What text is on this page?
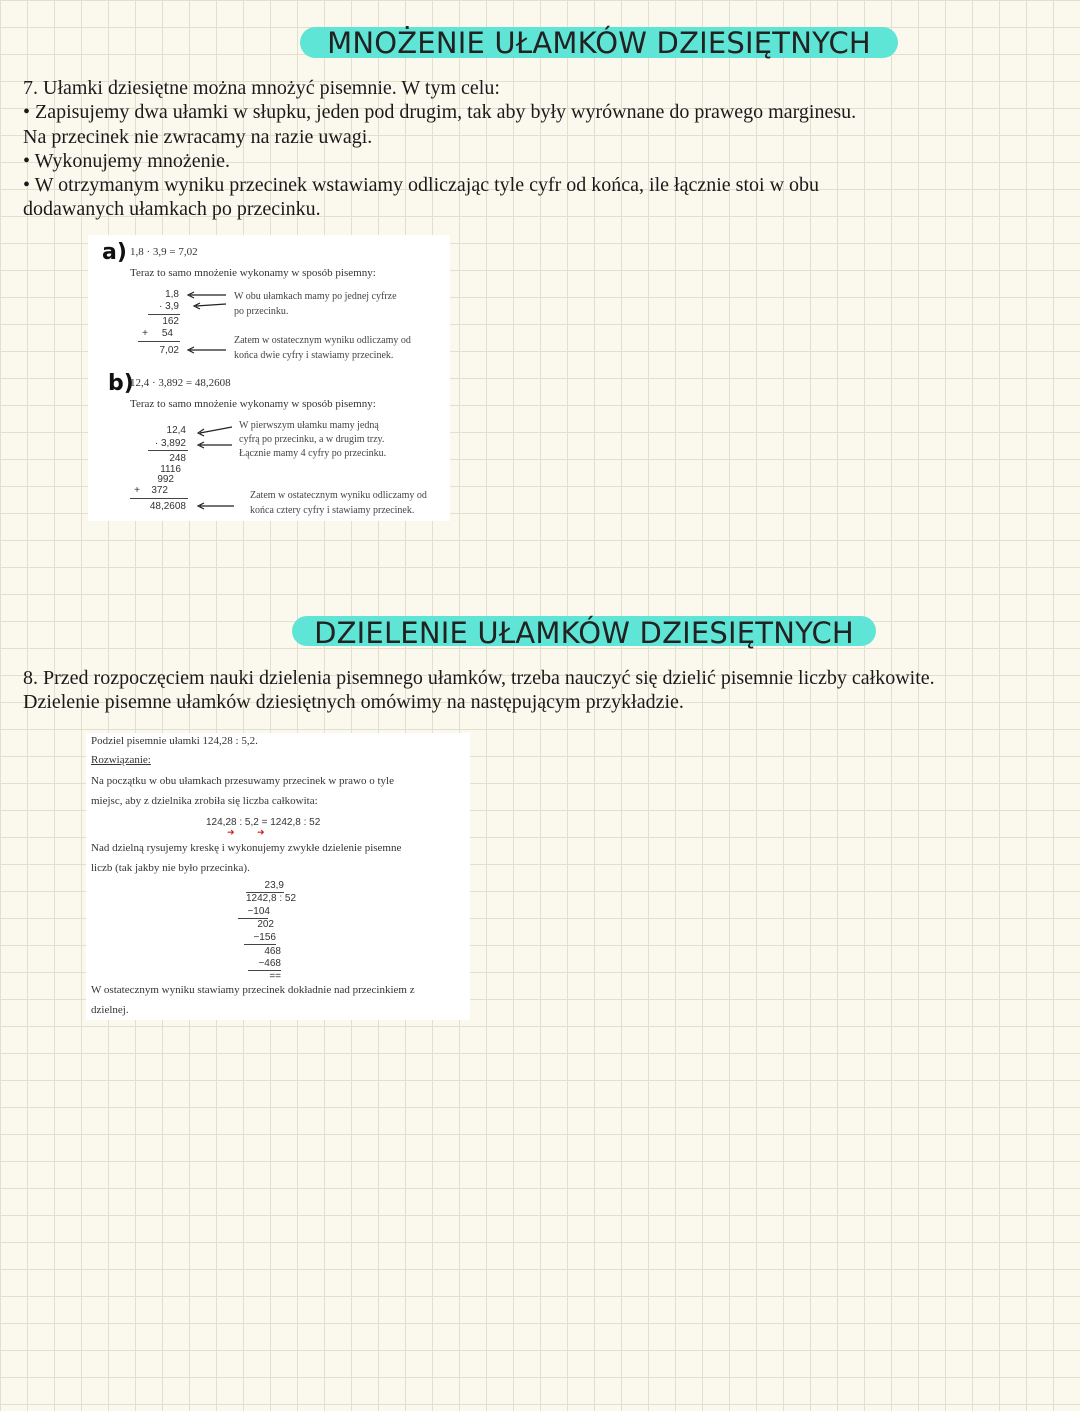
MNOŻENIE UŁAMKÓW DZIESIĘTNYCH
7. Ułamki dziesiętne można mnożyć pisemnie. W tym celu:
• Zapisujemy dwa ułamki w słupku, jeden pod drugim, tak aby były wyrównane do prawego marginesu.
Na przecinek nie zwracamy na razie uwagi.
• Wykonujemy mnożenie.
• W otrzymanym wyniku przecinek wstawiamy odliczając tyle cyfr od końca, ile łącznie stoi w obu
dodawanych ułamkach po przecinku.
a) 1,8 · 3,9 = 7,02
Teraz to samo mnożenie wykonamy w sposób pisemny:
1,8
· 3,9
162
+	54
7,02
W obu ułamkach mamy po jednej cyfrze
po przecinku.
Zatem w ostatecznym wyniku odliczamy od
końca dwie cyfry i stawiamy przecinek.
b)
12,4 · 3,892 = 48,2608
Teraz to samo mnożenie wykonamy w sposób pisemny:
12,4
· 3,892
248
1116
992
+	372
48,2608
W pierwszym ułamku mamy jedną
cyfrą po przecinku, a w drugim trzy.
Łącznie mamy 4 cyfry po przecinku.
Zatem w ostatecznym wyniku odliczamy od
końca cztery cyfry i stawiamy przecinek.
DZIELENIE UŁAMKÓW DZIESIĘTNYCH
8. Przed rozpoczęciem nauki dzielenia pisemnego ułamków, trzeba nauczyć się dzielić pisemnie liczby całkowite.
Dzielenie pisemne ułamków dziesiętnych omówimy na następującym przykładzie.
Podziel pisemnie ułamki 124,28 : 5,2.
Rozwiązanie:
Na początku w obu ułamkach przesuwamy przecinek w prawo o tyle
miejsc, aby z dzielnika zrobiła się liczba całkowita:
124,28 : 5,2 = 1242,8 : 52
➜ ➜
Nad dzielną rysujemy kreskę i wykonujemy zwykłe dzielenie pisemne
liczb (tak jakby nie było przecinka).
23,9
1242,8 : 52
−104
202
−156
468
−468
==
W ostatecznym wyniku stawiamy przecinek dokładnie nad przecinkiem z
dzielnej.
